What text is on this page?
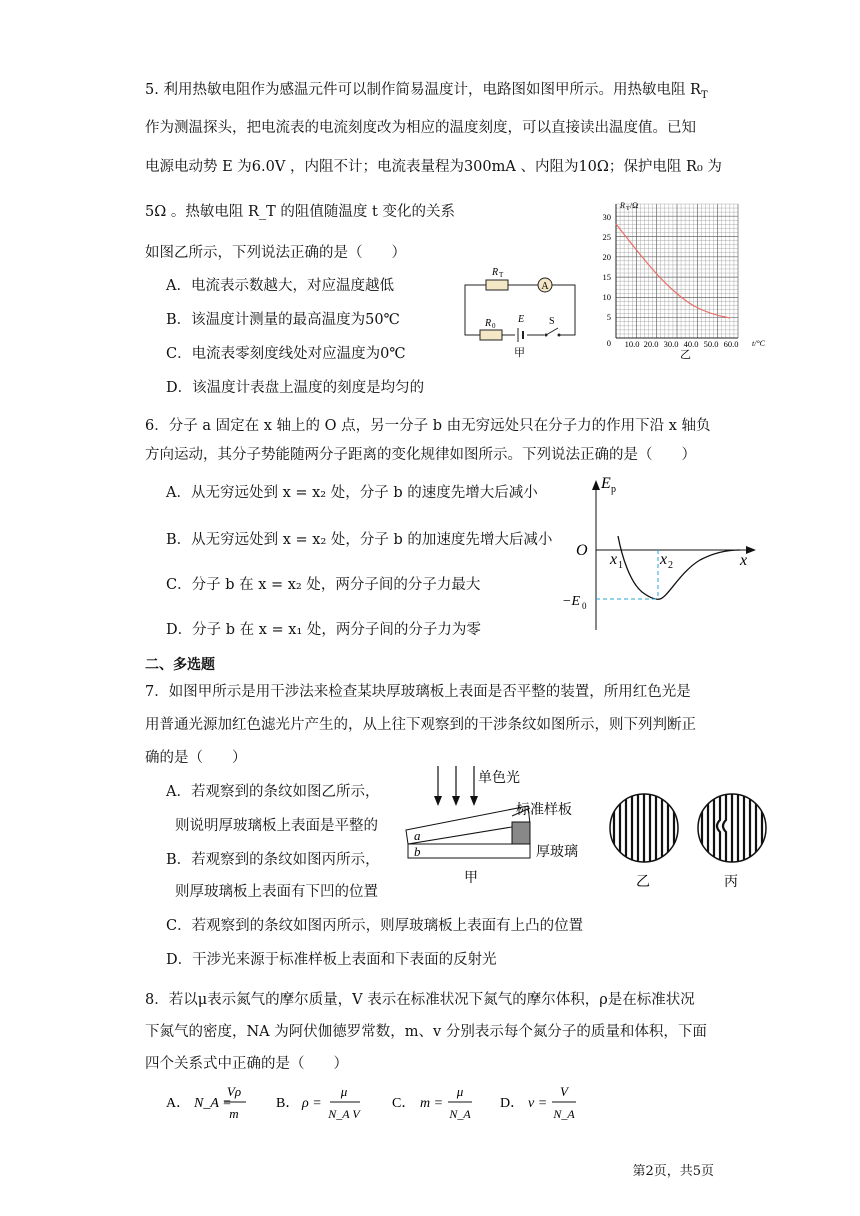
5. 利用热敏电阻作为感温元件可以制作简易温度计，电路图如图甲所示。用热敏电阻 $R_T$
作为测温探头，把电流表的电流刻度改为相应的温度刻度，可以直接读出温度值。已知
电源电动势 E 为6.0V ，内阻不计；电流表量程为300mA 、内阻为10Ω；保护电阻 R₀ 为
5Ω 。热敏电阻 R_T 的阻值随温度 t 变化的关系
如图乙所示，下列说法正确的是（　　）
A．电流表示数越大，对应温度越低
B．该温度计测量的最高温度为50℃
C．电流表零刻度线处对应温度为0℃
D．该温度计表盘上温度的刻度是均匀的
A
R T
R 0
E S
甲
R T /Ω
30
25
20
15
10
5
0 10.0 20.0 30.0 40.0 50.0 60.0 t/°C
乙
6．分子 a 固定在 x 轴上的 O 点，另一分子 b 由无穷远处只在分子力的作用下沿 x 轴负
方向运动，其分子势能随两分子距离的变化规律如图所示。下列说法正确的是（　　）
A．从无穷远处到 x = x₂ 处，分子 b 的速度先增大后减小
B．从无穷远处到 x = x₂ 处，分子 b 的加速度先增大后减小
C．分子 b 在 x = x₂ 处，两分子间的分子力最大
D．分子 b 在 x = x₁ 处，两分子间的分子力为零
E p
O
x 1 x 2	x
−E 0
二、多选题
7．如图甲所示是用干涉法来检查某块厚玻璃板上表面是否平整的装置，所用红色光是
用普通光源加红色滤光片产生的，从上往下观察到的干涉条纹如图所示，则下列判断正
确的是（　　）
A．若观察到的条纹如图乙所示，
则说明厚玻璃板上表面是平整的
B．若观察到的条纹如图丙所示，
则厚玻璃板上表面有下凹的位置
C．若观察到的条纹如图丙所示，则厚玻璃板上表面有上凸的位置
D．干涉光来源于标准样板上表面和下表面的反射光
单色光
标准样板
厚玻璃
a
b
甲	乙	丙
8．若以μ表示氮气的摩尔质量，V 表示在标准状况下氮气的摩尔体积，ρ是在标准状况
下氮气的密度，NA 为阿伏伽德罗常数，m、v 分别表示每个氮分子的质量和体积，下面
四个关系式中正确的是（　　）
A． N_A =
Vρ
m
B． ρ =
μ
N_A V
C． m =
μ
N_A
D． v =
V
N_A
第2页，共5页
